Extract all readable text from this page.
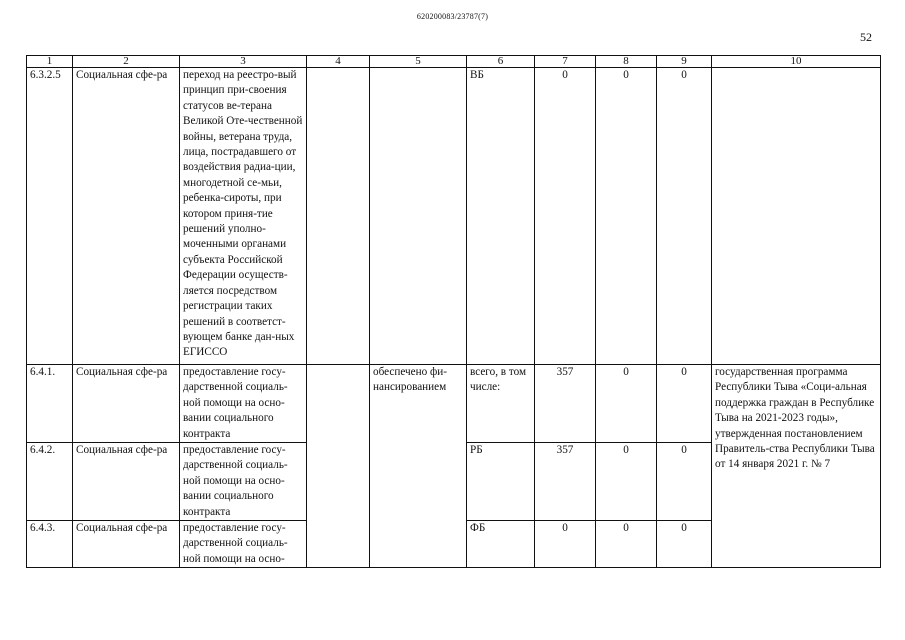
620200083/23787(7)
52
1	2	3	4	5	6	7	8	9	10
6.3.2.5	Социальная сфе-ра	переход на реестро-вый принцип при-своения статусов ве-терана Великой Оте-чественной войны, ветерана труда, лица, пострадавшего от воздействия радиа-ции, многодетной се-мьи, ребенка-сироты, при котором приня-тие решений уполно-моченными органами субъекта Российской Федерации осуществ-ляется посредством регистрации таких решений в соответст-вующем банке дан-ных ЕГИССО			ВБ	0	0	0	
6.4.1.	Социальная сфе-ра	предоставление госу-дарственной социаль-ной помощи на осно-вании социального контракта		обеспечено фи-нансированием	всего, в том числе:	357	0	0	государственная программа Республики Тыва «Соци-альная поддержка граждан в Республике Тыва на 2021-2023 годы», утвержденная постановлением Правитель-ства Республики Тыва от 14 января 2021 г. № 7
6.4.2.	Социальная сфе-ра	предоставление госу-дарственной социаль-ной помощи на осно-вании социального контракта			РБ	357	0	0	
6.4.3.	Социальная сфе-ра	предоставление госу-дарственной социаль-ной помощи на осно-			ФБ	0	0	0	
